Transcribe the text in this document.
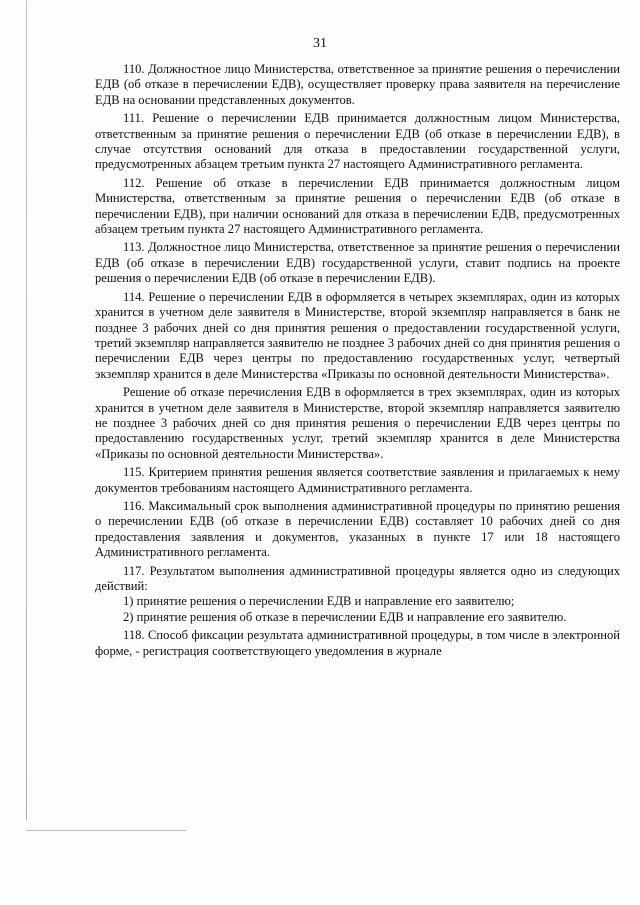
31

110. Должностное лицо Министерства, ответственное за принятие решения о перечислении ЕДВ (об отказе в перечислении ЕДВ), осуществляет проверку права заявителя на перечисление ЕДВ на основании представленных документов.

111. Решение о перечислении ЕДВ принимается должностным лицом Министерства, ответственным за принятие решения о перечислении ЕДВ (об отказе в перечислении ЕДВ), в случае отсутствия оснований для отказа в предоставлении государственной услуги, предусмотренных абзацем третьим пункта 27 настоящего Административного регламента.

112. Решение об отказе в перечислении ЕДВ принимается должностным лицом Министерства, ответственным за принятие решения о перечислении ЕДВ (об отказе в перечислении ЕДВ), при наличии оснований для отказа в перечислении ЕДВ, предусмотренных абзацем третьим пункта 27 настоящего Административного регламента.

113. Должностное лицо Министерства, ответственное за принятие решения о перечислении ЕДВ (об отказе в перечислении ЕДВ) государственной услуги, ставит подпись на проекте решения о перечислении ЕДВ (об отказе в перечислении ЕДВ).

114. Решение о перечислении ЕДВ в оформляется в четырех экземплярах, один из которых хранится в учетном деле заявителя в Министерстве, второй экземпляр направляется в банк не позднее 3 рабочих дней со дня принятия решения о предоставлении государственной услуги, третий экземпляр направляется заявителю не позднее 3 рабочих дней со дня принятия решения о перечислении ЕДВ через центры по предоставлению государственных услуг, четвертый экземпляр хранится в деле Министерства «Приказы по основной деятельности Министерства».

Решение об отказе перечисления ЕДВ в оформляется в трех экземплярах, один из которых хранится в учетном деле заявителя в Министерстве, второй экземпляр направляется заявителю не позднее 3 рабочих дней со дня принятия решения о перечислении ЕДВ через центры по предоставлению государственных услуг, третий экземпляр хранится в деле Министерства «Приказы по основной деятельности Министерства».

115. Критерием принятия решения является соответствие заявления и прилагаемых к нему документов требованиям настоящего Административного регламента.

116. Максимальный срок выполнения административной процедуры по принятию решения о перечислении ЕДВ (об отказе в перечислении ЕДВ) составляет 10 рабочих дней со дня предоставления заявления и документов, указанных в пункте 17 или 18 настоящего Административного регламента.

117. Результатом выполнения административной процедуры является одно из следующих действий:

1) принятие решения о перечислении ЕДВ и направление его заявителю;

2) принятие решения об отказе в перечислении ЕДВ и направление его заявителю.

118. Способ фиксации результата административной процедуры, в том числе в электронной форме, - регистрация соответствующего уведомления в журнале
